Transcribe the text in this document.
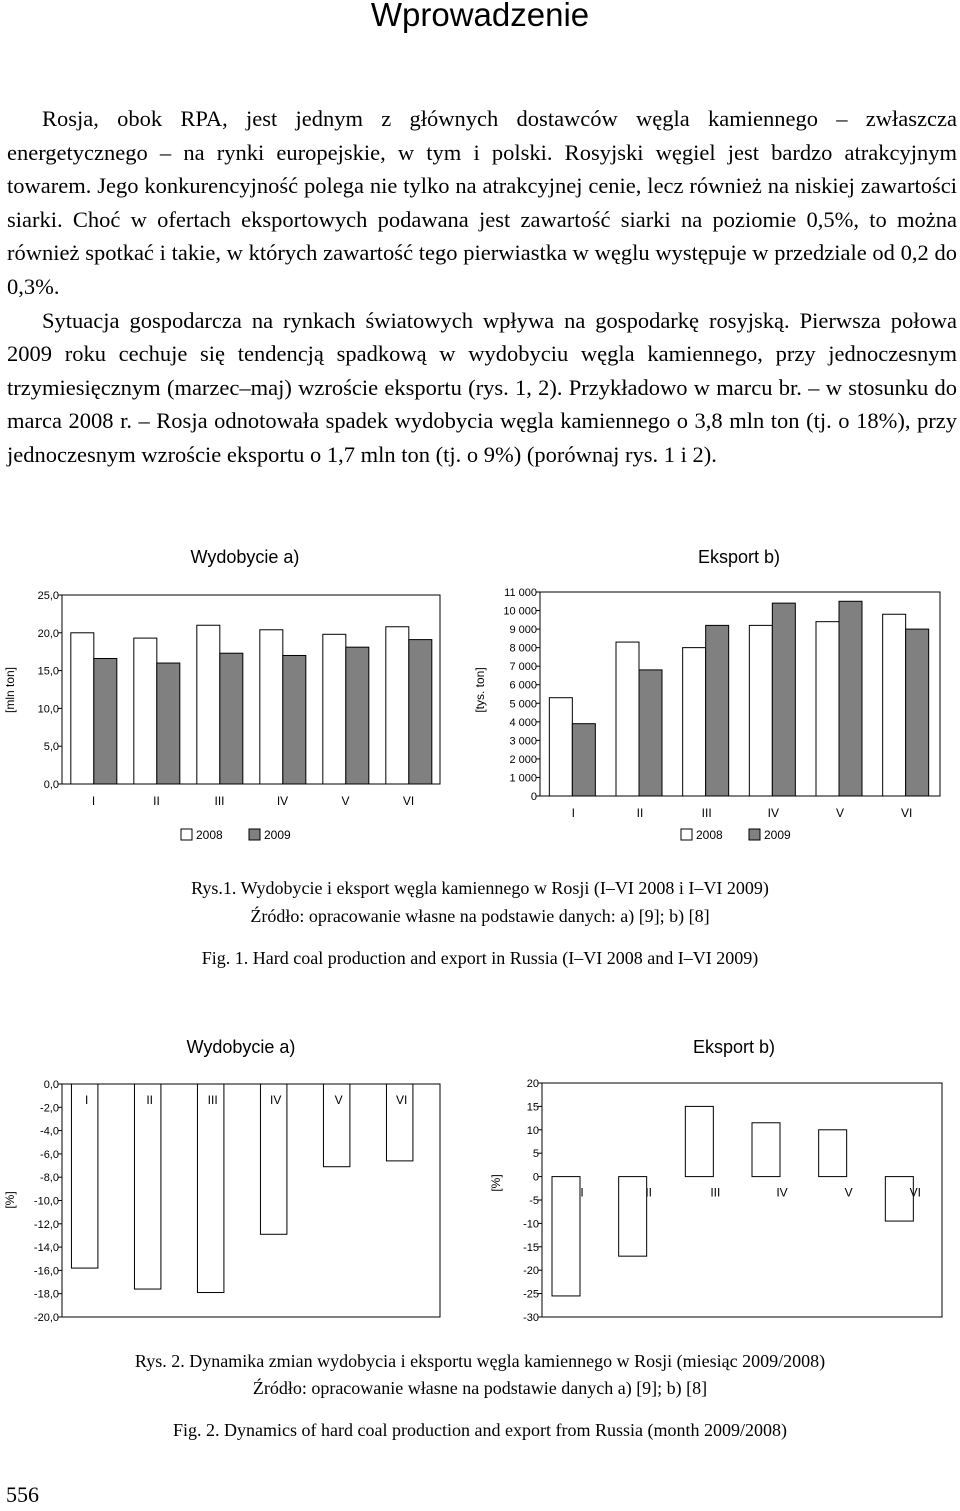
Wprowadzenie

Rosja, obok RPA, jest jednym z głównych dostawców węgla kamiennego – zwłaszcza energetycznego – na rynki europejskie, w tym i polski. Rosyjski węgiel jest bardzo atrakcyjnym towarem. Jego konkurencyjność polega nie tylko na atrakcyjnej cenie, lecz również na niskiej zawartości siarki. Choć w ofertach eksportowych podawana jest zawartość siarki na poziomie 0,5%, to można również spotkać i takie, w których zawartość tego pierwiastka w węglu występuje w przedziale od 0,2 do 0,3%.

Sytuacja gospodarcza na rynkach światowych wpływa na gospodarkę rosyjską. Pierwsza połowa 2009 roku cechuje się tendencją spadkową w wydobyciu węgla kamiennego, przy jednoczesnym trzymiesięcznym (marzec–maj) wzroście eksportu (rys. 1, 2). Przykładowo w marcu br. – w stosunku do marca 2008 r. – Rosja odnotowała spadek wydobycia węgla kamiennego o 3,8 mln ton (tj. o 18%), przy jednoczesnym wzroście eksportu o 1,7 mln ton (tj. o 9%) (porównaj rys. 1 i 2).

Wydobycie a)
0,0
5,0
10,0
15,0
20,0
25,0
[mln ton]
I	II	III	IV	V	VI
2008	2009
Eksport b)
0
1 000
2 000
3 000
4 000
5 000
6 000
7 000
8 000
9 000
10 000
11 000
[tys. ton]
I	II	III	IV	V	VI
2008	2009

Rys.1. Wydobycie i eksport węgla kamiennego w Rosji (I–VI 2008 i I–VI 2009)

Źródło: opracowanie własne na podstawie danych: a) [9]; b) [8]

Fig. 1. Hard coal production and export in Russia (I–VI 2008 and I–VI 2009)

Wydobycie a)
0,0
-2,0
-4,0
-6,0
-8,0
-10,0
-12,0
-14,0
-16,0
-18,0
-20,0
[%]
I	II	III	IV	V	VI
Eksport b)
20
15
10
5
0
-5
-10
-15
-20
-25
-30
[%]
I	II	III	IV	V	VI

Rys. 2. Dynamika zmian wydobycia i eksportu węgla kamiennego w Rosji (miesiąc 2009/2008)

Źródło: opracowanie własne na podstawie danych a) [9]; b) [8]

Fig. 2. Dynamics of hard coal production and export from Russia (month 2009/2008)

556
